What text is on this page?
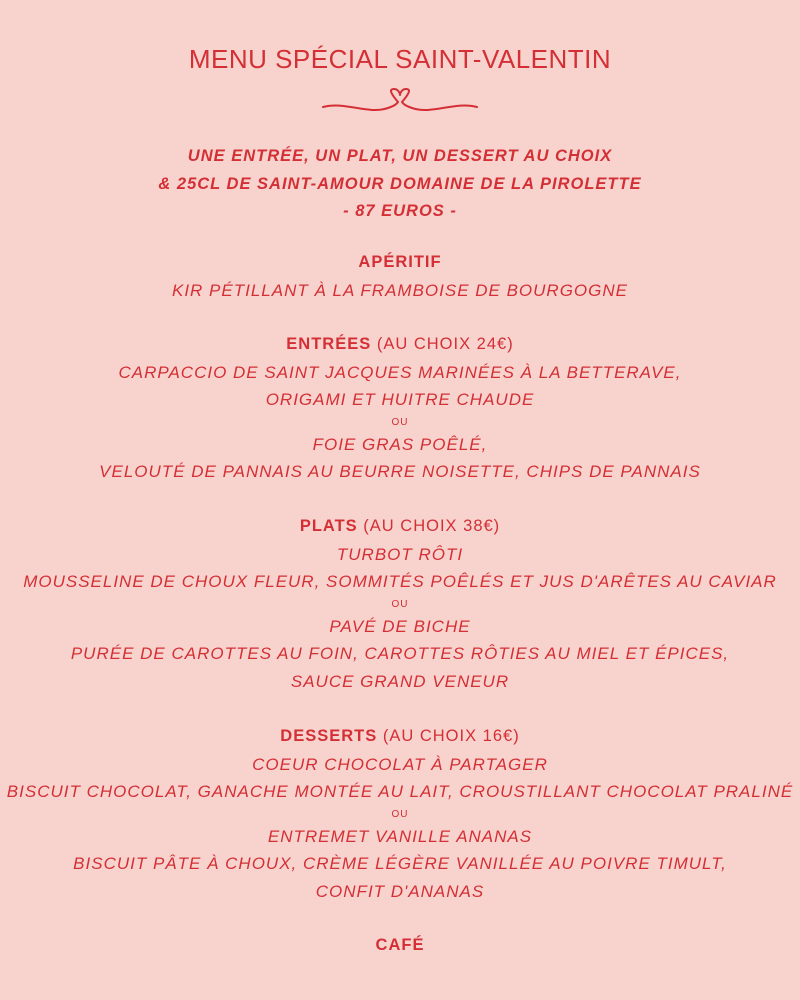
MENU SPÉCIAL SAINT-VALENTIN
UNE ENTRÉE, UN PLAT, UN DESSERT AU CHOIX
& 25CL DE SAINT-AMOUR DOMAINE DE LA PIROLETTE
- 87 EUROS -
APÉRITIF
KIR PÉTILLANT À LA FRAMBOISE DE BOURGOGNE
ENTRÉES (AU CHOIX 24€)
CARPACCIO DE SAINT JACQUES MARINÉES À LA BETTERAVE,
ORIGAMI ET HUITRE CHAUDE
OU
FOIE GRAS POÊLÉ,
VELOUTÉ DE PANNAIS AU BEURRE NOISETTE, CHIPS DE PANNAIS
PLATS (AU CHOIX 38€)
TURBOT RÔTI
MOUSSELINE DE CHOUX FLEUR, SOMMITÉS POÊLÉS ET JUS D'ARÊTES AU CAVIAR
OU
PAVÉ DE BICHE
PURÉE DE CAROTTES AU FOIN, CAROTTES RÔTIES AU MIEL ET ÉPICES,
SAUCE GRAND VENEUR
DESSERTS (AU CHOIX 16€)
COEUR CHOCOLAT À PARTAGER
BISCUIT CHOCOLAT, GANACHE MONTÉE AU LAIT, CROUSTILLANT CHOCOLAT PRALINÉ
OU
ENTREMET VANILLE ANANAS
BISCUIT PÂTE À CHOUX, CRÈME LÉGÈRE VANILLÉE AU POIVRE TIMULT,
CONFIT D'ANANAS
CAFÉ
